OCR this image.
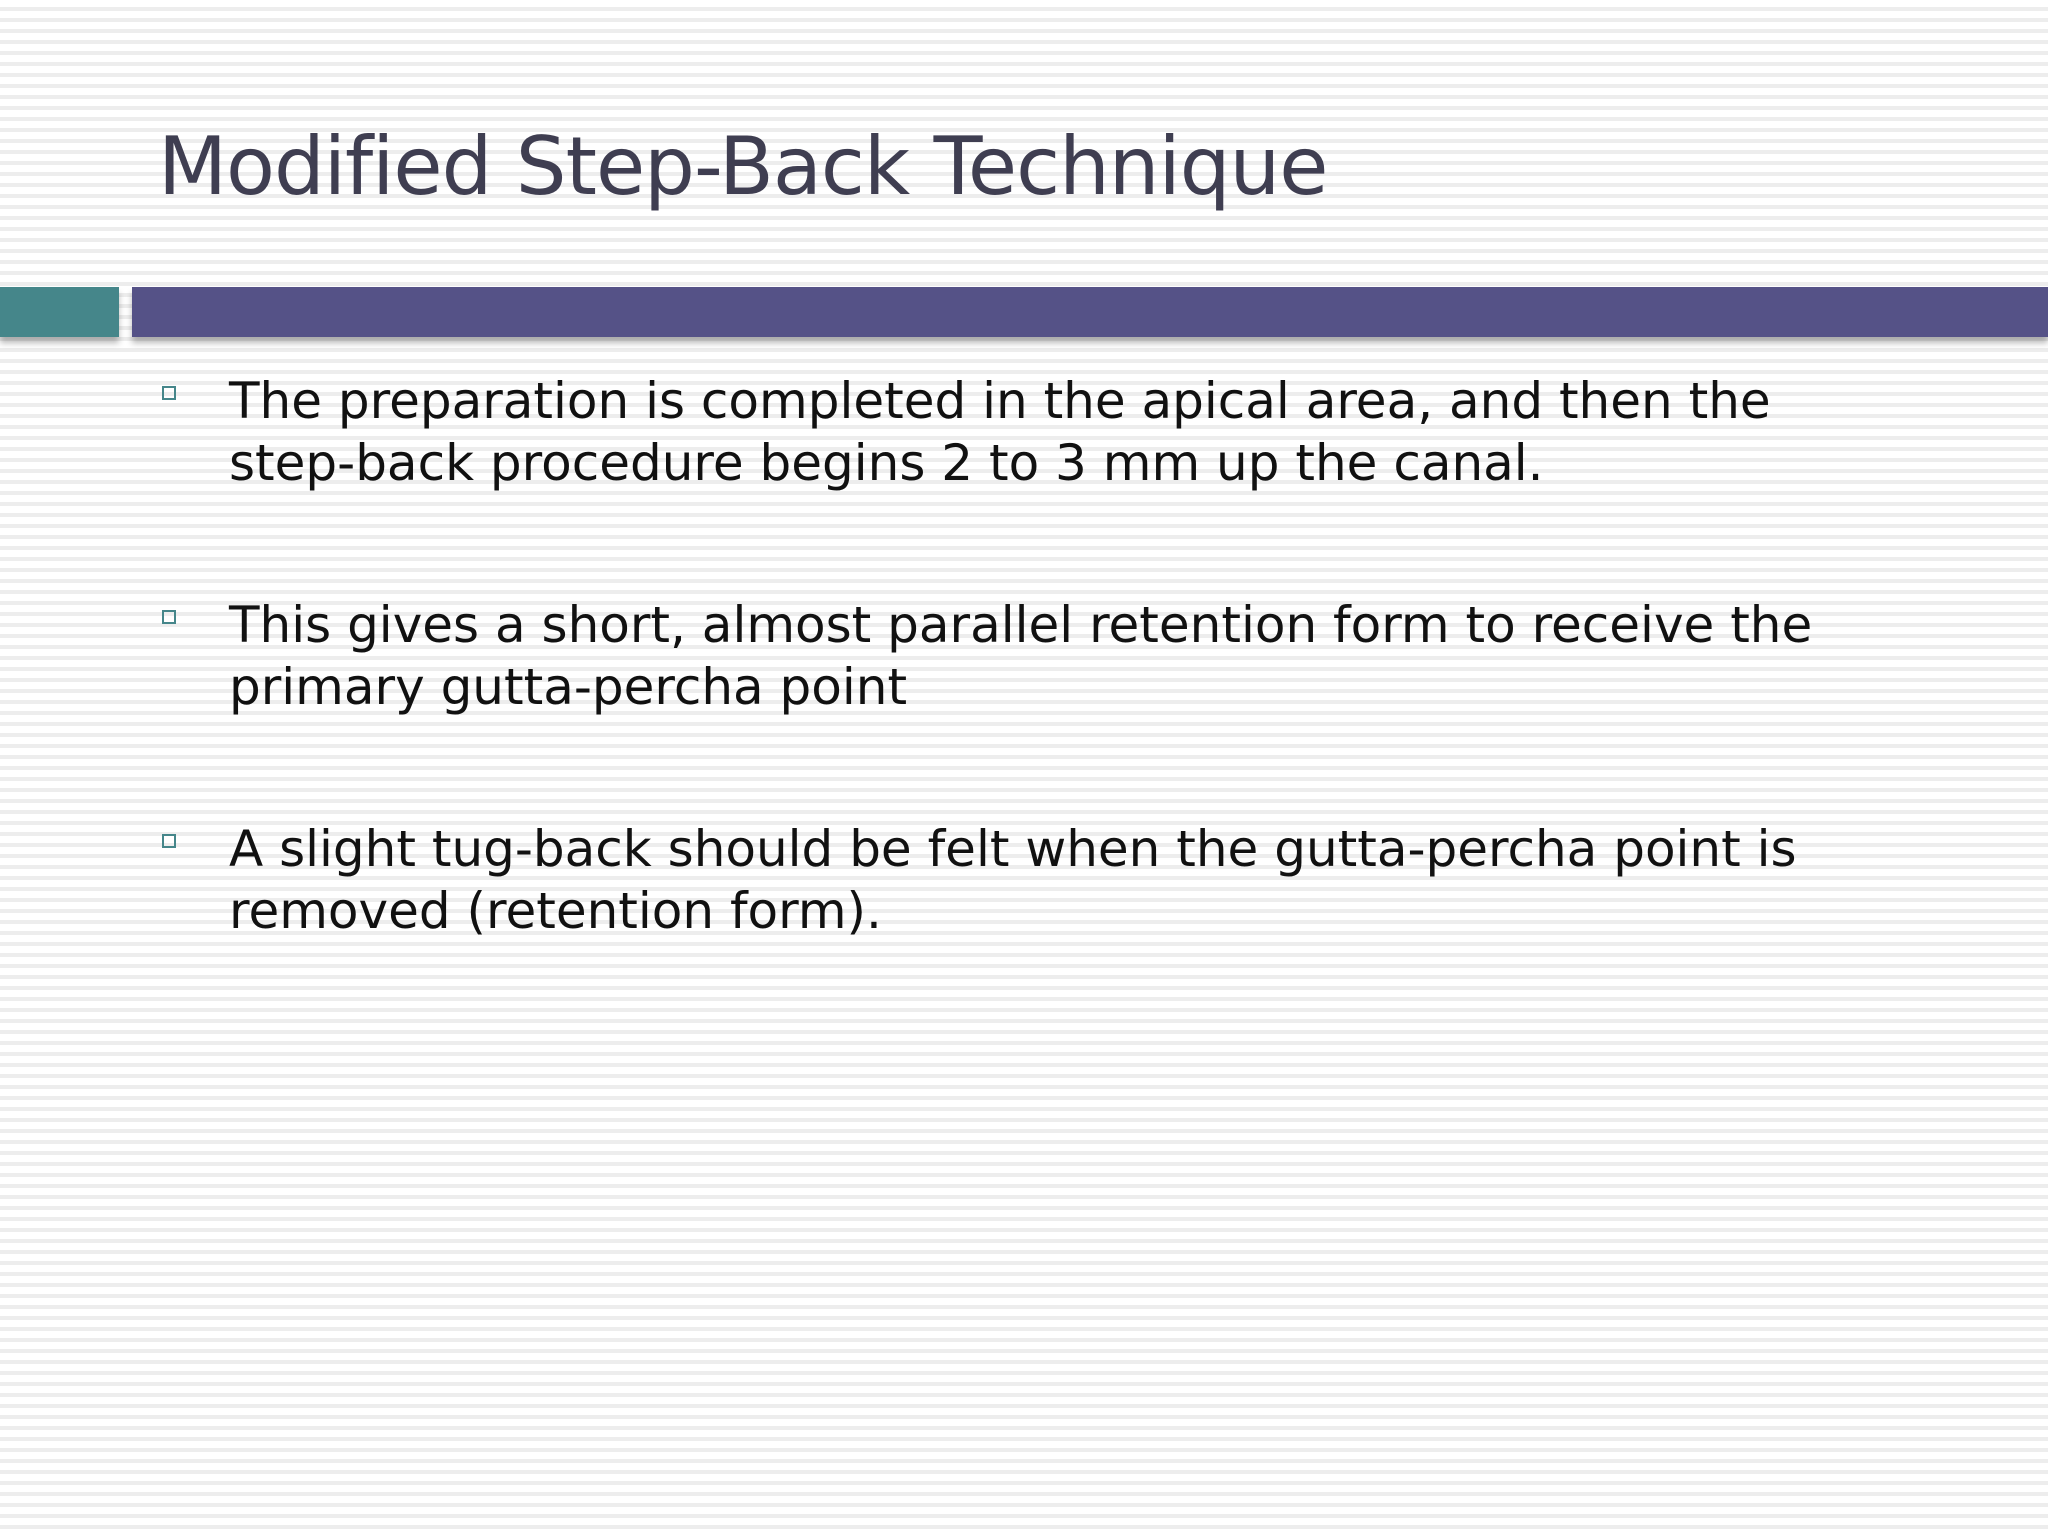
Modified Step-Back Technique

The preparation is completed in the apical area, and then the
step-back procedure begins 2 to 3 mm up the canal.

This gives a short, almost parallel retention form to receive the
primary gutta-percha point

A slight tug-back should be felt when the gutta-percha point is
removed (retention form).
